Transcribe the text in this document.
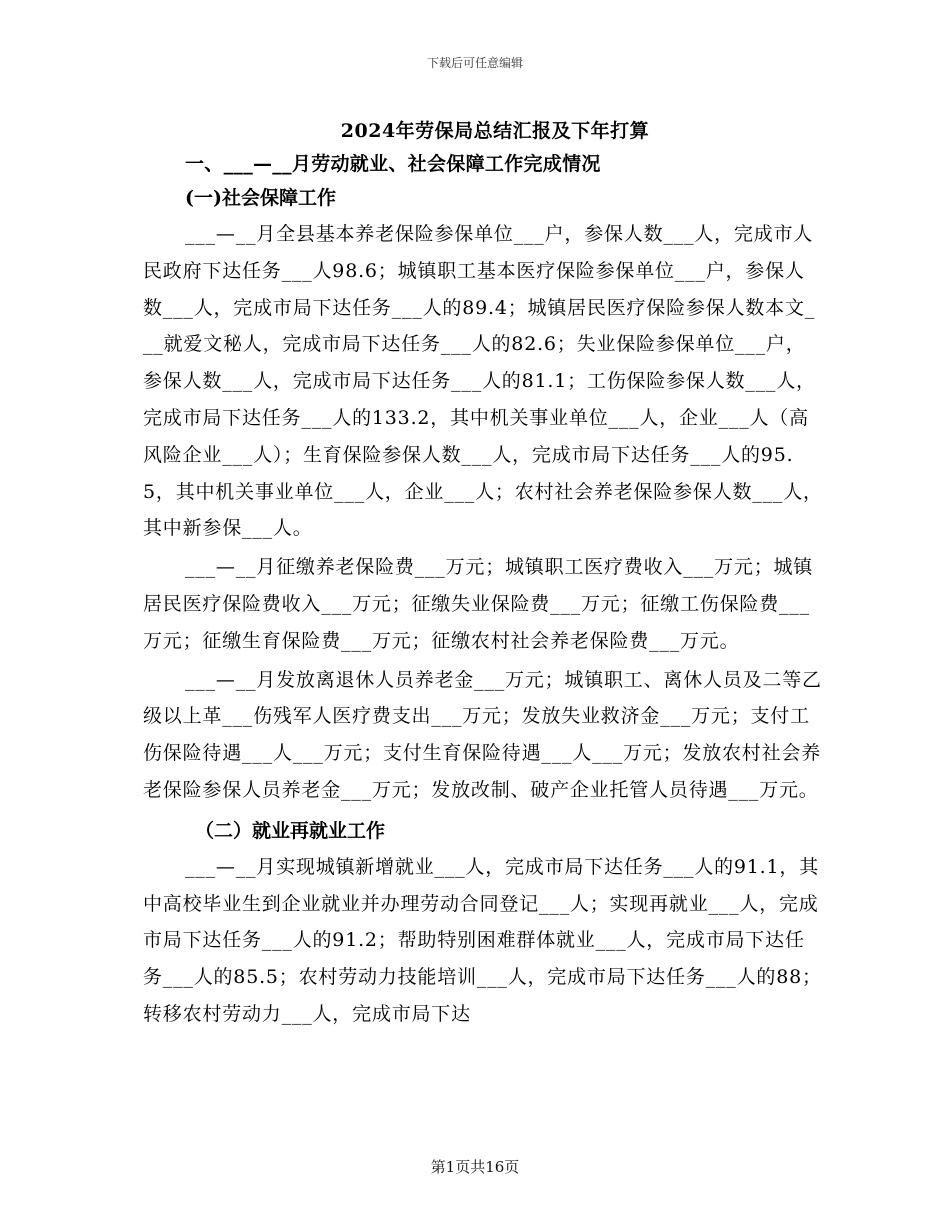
下载后可任意编辑
2024年劳保局总结汇报及下年打算

一、___—__月劳动就业、社会保障工作完成情况

(一)社会保障工作

___—__月全县基本养老保险参保单位___户，参保人数___人，完成市人民政府下达任务___人98.6；城镇职工基本医疗保险参保单位___户，参保人数___人，完成市局下达任务___人的89.4；城镇居民医疗保险参保人数本文___就爱文秘人，完成市局下达任务___人的82.6；失业保险参保单位___户，参保人数___人，完成市局下达任务___人的81.1；工伤保险参保人数___人，完成市局下达任务___人的133.2，其中机关事业单位___人，企业___人（高风险企业___人）；生育保险参保人数___人，完成市局下达任务___人的95.5，其中机关事业单位___人，企业___人；农村社会养老保险参保人数___人，其中新参保___人。

___—__月征缴养老保险费___万元；城镇职工医疗费收入___万元；城镇居民医疗保险费收入___万元；征缴失业保险费___万元；征缴工伤保险费___万元；征缴生育保险费___万元；征缴农村社会养老保险费___万元。

___—__月发放离退休人员养老金___万元；城镇职工、离休人员及二等乙级以上革___伤残军人医疗费支出___万元；发放失业救济金___万元；支付工伤保险待遇___人___万元；支付生育保险待遇___人___万元；发放农村社会养老保险参保人员养老金___万元；发放改制、破产企业托管人员待遇___万元。

（二）就业再就业工作

___—__月实现城镇新增就业___人，完成市局下达任务___人的91.1，其中高校毕业生到企业就业并办理劳动合同登记___人；实现再就业___人，完成市局下达任务___人的91.2；帮助特别困难群体就业___人，完成市局下达任务___人的85.5；农村劳动力技能培训___人，完成市局下达任务___人的88；转移农村劳动力___人，完成市局下达

第1页共16页
